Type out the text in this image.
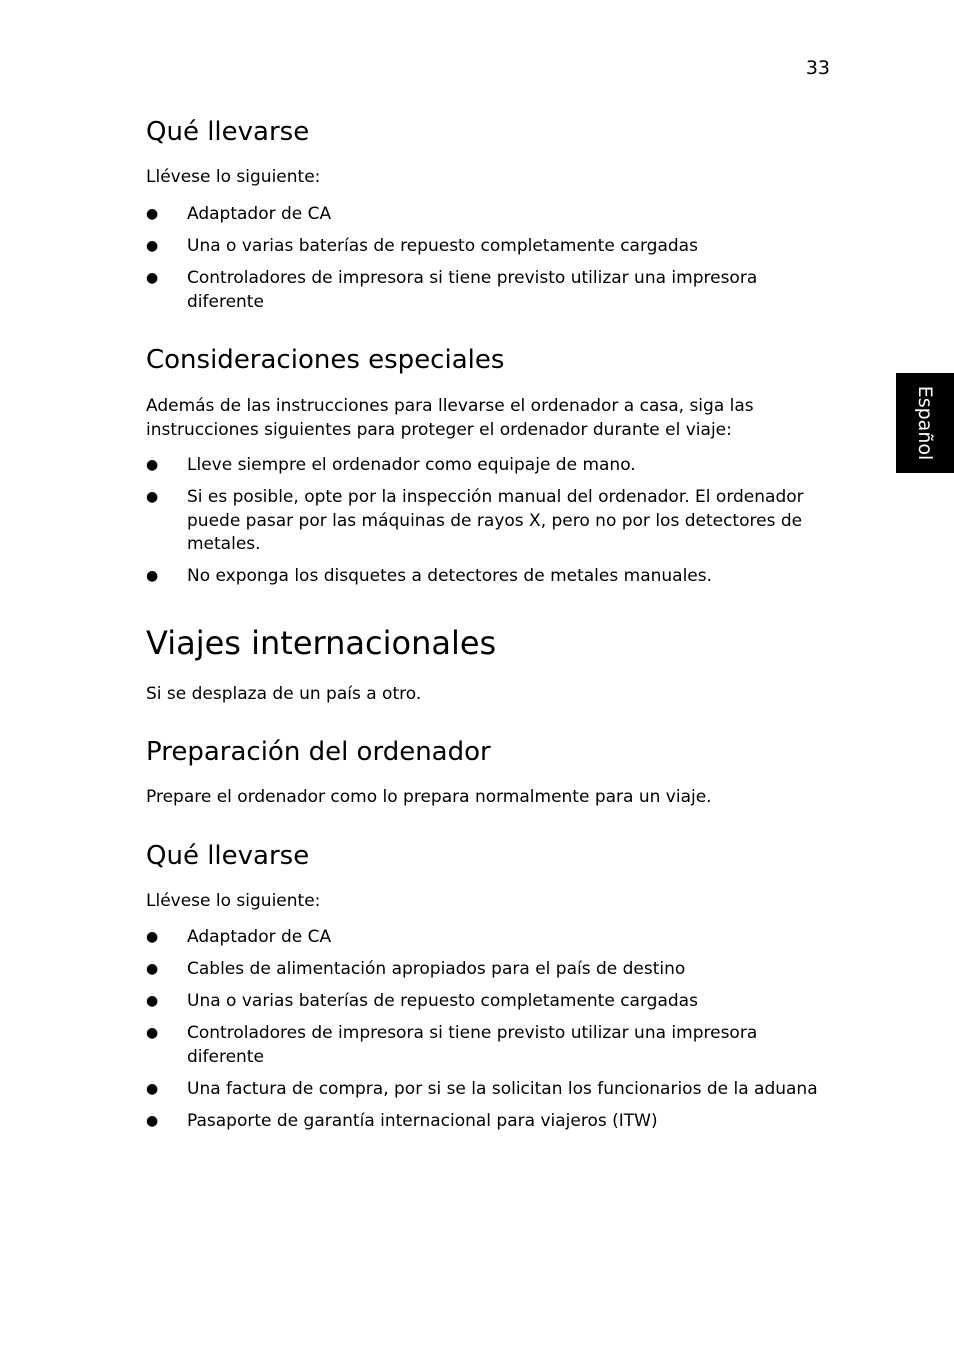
33
Español
Qué llevarse

Llévese lo siguiente:

● Adaptador de CA
● Una o varias baterías de repuesto completamente cargadas
● Controladores de impresora si tiene previsto utilizar una impresora diferente
Consideraciones especiales

Además de las instrucciones para llevarse el ordenador a casa, siga las instrucciones siguientes para proteger el ordenador durante el viaje:

● Lleve siempre el ordenador como equipaje de mano.
● Si es posible, opte por la inspección manual del ordenador. El ordenador puede pasar por las máquinas de rayos X, pero no por los detectores de metales.
● No exponga los disquetes a detectores de metales manuales.
Viajes internacionales

Si se desplaza de un país a otro.

Preparación del ordenador

Prepare el ordenador como lo prepara normalmente para un viaje.

Qué llevarse

Llévese lo siguiente:

● Adaptador de CA
● Cables de alimentación apropiados para el país de destino
● Una o varias baterías de repuesto completamente cargadas
● Controladores de impresora si tiene previsto utilizar una impresora diferente
● Una factura de compra, por si se la solicitan los funcionarios de la aduana
● Pasaporte de garantía internacional para viajeros (ITW)
